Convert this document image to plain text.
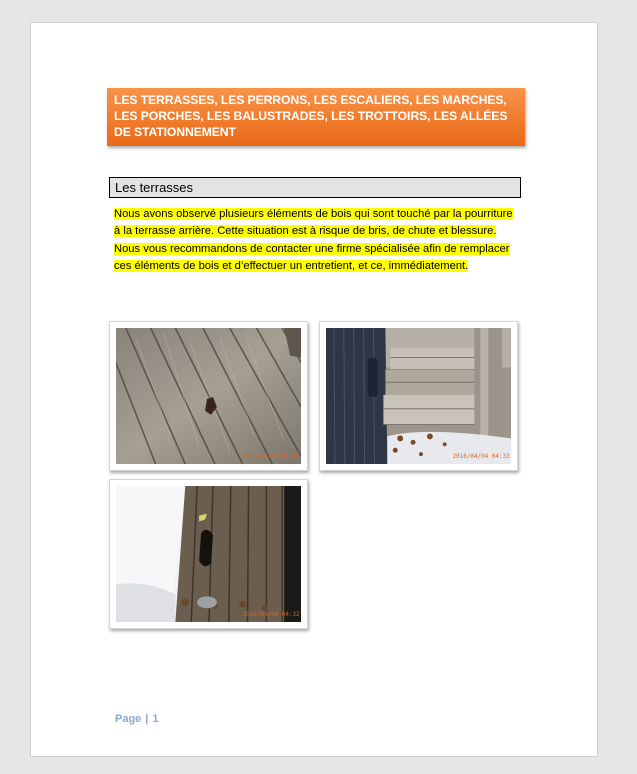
LES TERRASSES, LES PERRONS, LES ESCALIERS, LES MARCHES, LES PORCHES, LES BALUSTRADES, LES TROTTOIRS, LES ALLÉES DE STATIONNEMENT
Les terrasses
Nous avons observé plusieurs éléments de bois qui sont touché par la pourriture à la terrasse arrière. Cette situation est à risque de bris, de chute et blessure. Nous vous recommandons de contacter une firme spécialisée afin de remplacer ces éléments de bois et d’effectuer un entretient, et ce, immédiatement.
2016/04/04 04:15	2016/04/04 04:33
2016/04/04 04:32
Page | 1
